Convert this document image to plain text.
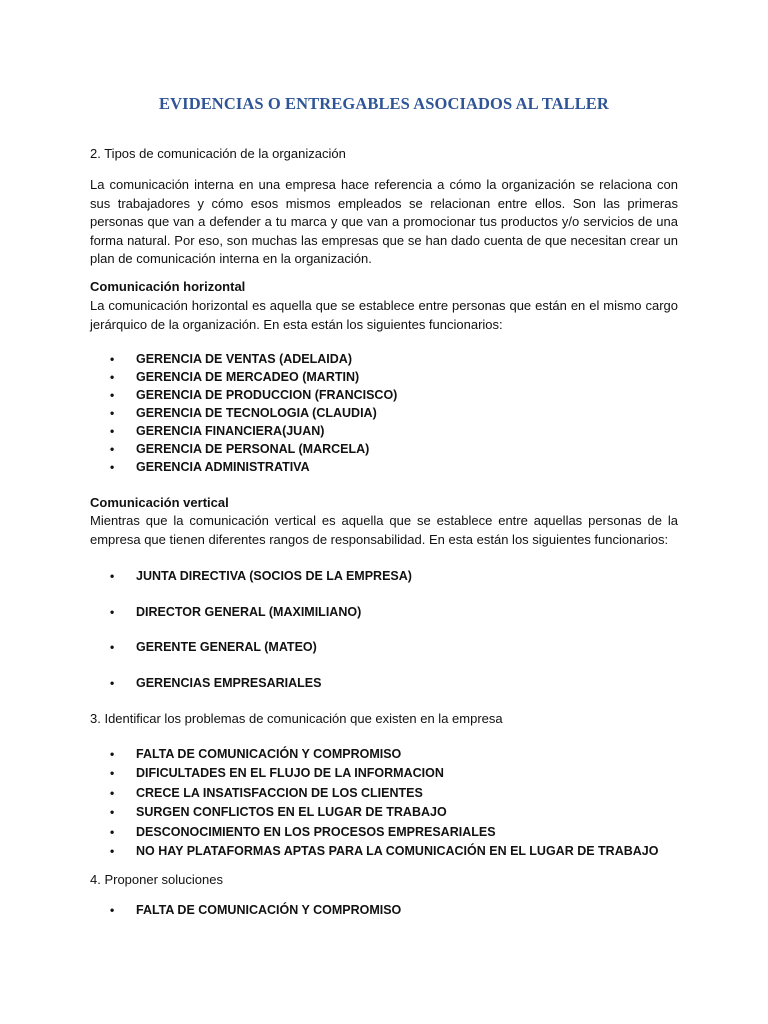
EVIDENCIAS O ENTREGABLES ASOCIADOS AL TALLER

2. Tipos de comunicación de la organización

La comunicación interna en una empresa hace referencia a cómo la organización se relaciona con sus trabajadores y cómo esos mismos empleados se relacionan entre ellos. Son las primeras personas que van a defender a tu marca y que van a promocionar tus productos y/o servicios de una forma natural. Por eso, son muchas las empresas que se han dado cuenta de que necesitan crear un plan de comunicación interna en la organización.

Comunicación horizontal

La comunicación horizontal es aquella que se establece entre personas que están en el mismo cargo jerárquico de la organización. En esta están los siguientes funcionarios:

• GERENCIA DE VENTAS (ADELAIDA)
• GERENCIA DE MERCADEO (MARTIN)
• GERENCIA DE PRODUCCION (FRANCISCO)
• GERENCIA DE TECNOLOGIA (CLAUDIA)
• GERENCIA FINANCIERA(JUAN)
• GERENCIA DE PERSONAL (MARCELA)
• GERENCIA ADMINISTRATIVA

Comunicación vertical

Mientras que la comunicación vertical es aquella que se establece entre aquellas personas de la empresa que tienen diferentes rangos de responsabilidad. En esta están los siguientes funcionarios:

• JUNTA DIRECTIVA (SOCIOS DE LA EMPRESA)
• DIRECTOR GENERAL (MAXIMILIANO)
• GERENTE GENERAL (MATEO)
• GERENCIAS EMPRESARIALES

3. Identificar los problemas de comunicación que existen en la empresa

• FALTA DE COMUNICACIÓN Y COMPROMISO
• DIFICULTADES EN EL FLUJO DE LA INFORMACION
• CRECE LA INSATISFACCION DE LOS CLIENTES
• SURGEN CONFLICTOS EN EL LUGAR DE TRABAJO
• DESCONOCIMIENTO EN LOS PROCESOS EMPRESARIALES
• NO HAY PLATAFORMAS APTAS PARA LA COMUNICACIÓN EN EL LUGAR DE TRABAJO

4. Proponer soluciones

• FALTA DE COMUNICACIÓN Y COMPROMISO
